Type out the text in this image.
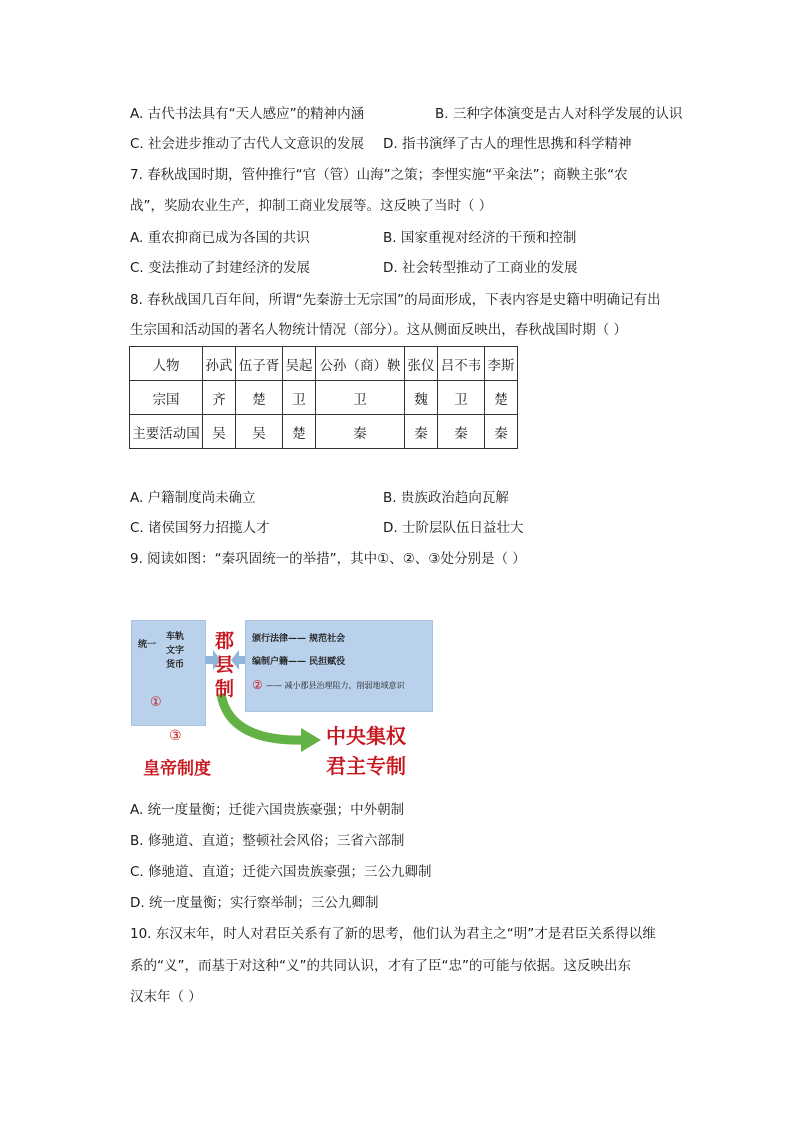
A. 古代书法具有“天人感应”的精神内涵	B. 三种字体演变是古人对科学发展的认识
C. 社会进步推动了古代人文意识的发展 D. 指书演绎了古人的理性思携和科学精神
7. 春秋战国时期，管仲推行“官（管）山海”之策；李悝实施“平籴法”；商鞅主张“农
战”，奖励农业生产，抑制工商业发展等。这反映了当时（ ）
A. 重农抑商已成为各国的共识	B. 国家重视对经济的干预和控制
C. 变法推动了封建经济的发展	D. 社会转型推动了工商业的发展
8. 春秋战国几百年间，所谓“先秦游士无宗国”的局面形成，下表内容是史籍中明确记有出
生宗国和活动国的著名人物统计情况（部分）。这从侧面反映出，春秋战国时期（ ）
人物	孙武	伍子胥	吴起	公孙（商）鞅	张仪	吕不韦	李斯
宗国	齐	楚	卫	卫	魏	卫	楚
主要活动国	吴	吴	楚	秦	秦	秦	秦
A. 户籍制度尚未确立	B. 贵族政治趋向瓦解
C. 诸侯国努力招揽人才	D. 士阶层队伍日益壮大
9. 阅读如图：“秦巩固统一的举措”，其中①、②、③处分别是（ ）
统一
车轨
文字
货币
①
郡
县
制
颁行法律—— 规范社会
编制户籍—— 民担赋役
② —— 减小郡县治理阻力，削弱地域意识
③
皇帝制度
中央集权
君主专制
A. 统一度量衡；迁徙六国贵族豪强；中外朝制
B. 修驰道、直道；整顿社会风俗；三省六部制
C. 修驰道、直道；迁徙六国贵族豪强；三公九卿制
D. 统一度量衡；实行察举制；三公九卿制
10. 东汉末年，时人对君臣关系有了新的思考，他们认为君主之“明”才是君臣关系得以维
系的“义”，而基于对这种“义”的共同认识，才有了臣“忠”的可能与依据。这反映出东
汉末年（ ）
